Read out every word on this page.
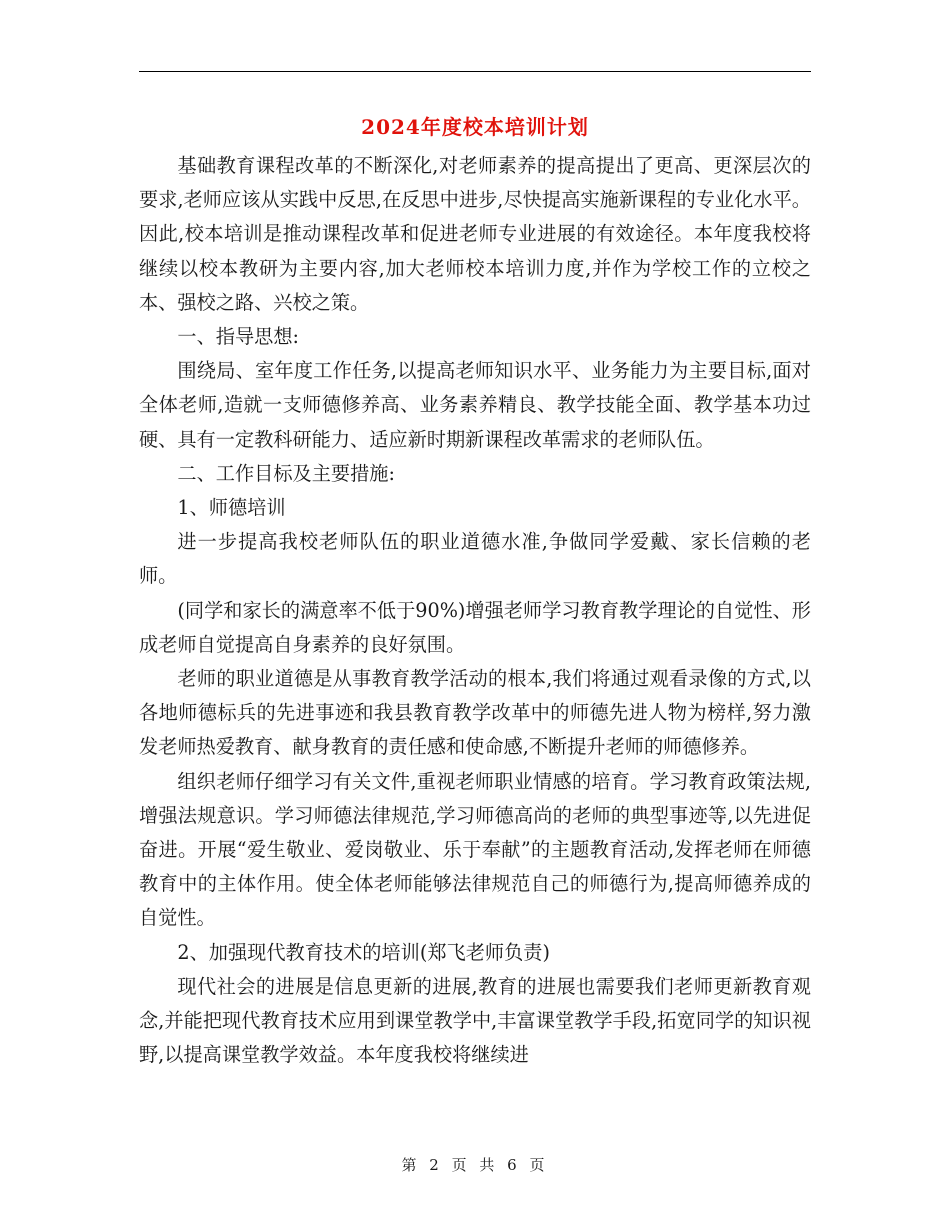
2024年度校本培训计划

基础教育课程改革的不断深化,对老师素养的提高提出了更高、更深层次的要求,老师应该从实践中反思,在反思中进步,尽快提高实施新课程的专业化水平。因此,校本培训是推动课程改革和促进老师专业进展的有效途径。本年度我校将继续以校本教研为主要内容,加大老师校本培训力度,并作为学校工作的立校之本、强校之路、兴校之策。

一、指导思想:

围绕局、室年度工作任务,以提高老师知识水平、业务能力为主要目标,面对全体老师,造就一支师德修养高、业务素养精良、教学技能全面、教学基本功过硬、具有一定教科研能力、适应新时期新课程改革需求的老师队伍。

二、工作目标及主要措施:

1、师德培训

进一步提高我校老师队伍的职业道德水准,争做同学爱戴、家长信赖的老师。

(同学和家长的满意率不低于90%)增强老师学习教育教学理论的自觉性、形成老师自觉提高自身素养的良好氛围。

老师的职业道德是从事教育教学活动的根本,我们将通过观看录像的方式,以各地师德标兵的先进事迹和我县教育教学改革中的师德先进人物为榜样,努力激发老师热爱教育、献身教育的责任感和使命感,不断提升老师的师德修养。

组织老师仔细学习有关文件,重视老师职业情感的培育。学习教育政策法规,增强法规意识。学习师德法律规范,学习师德高尚的老师的典型事迹等,以先进促奋进。开展“爱生敬业、爱岗敬业、乐于奉献”的主题教育活动,发挥老师在师德教育中的主体作用。使全体老师能够法律规范自己的师德行为,提高师德养成的自觉性。

2、加强现代教育技术的培训(郑飞老师负责)

现代社会的进展是信息更新的进展,教育的进展也需要我们老师更新教育观念,并能把现代教育技术应用到课堂教学中,丰富课堂教学手段,拓宽同学的知识视野,以提高课堂教学效益。本年度我校将继续进

第 2 页 共 6 页
